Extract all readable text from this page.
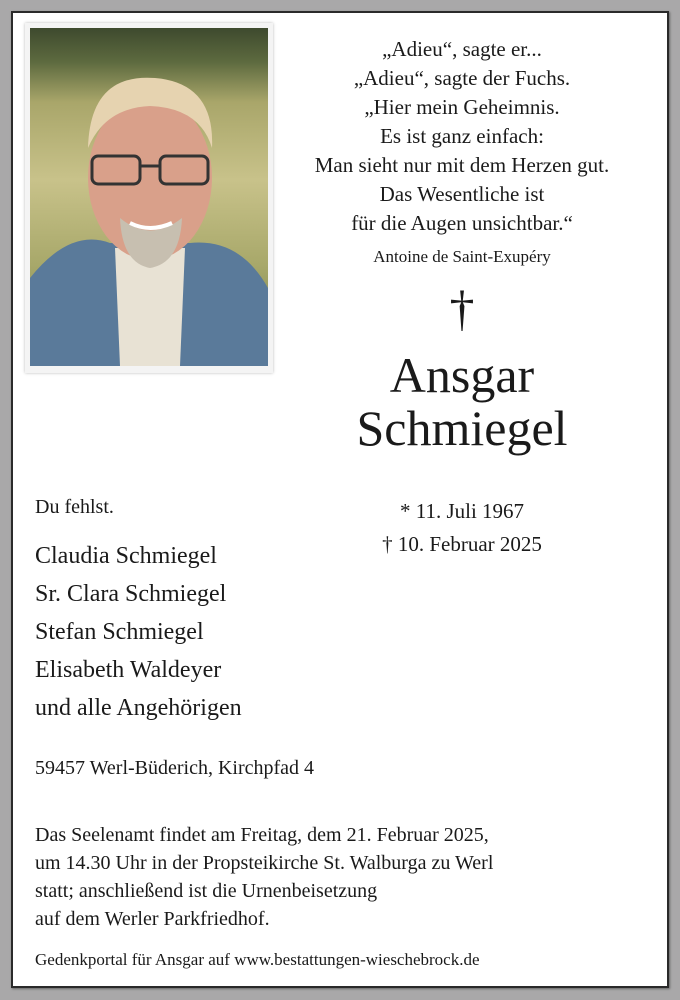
„Adieu“, sagte er...
„Adieu“, sagte der Fuchs.
„Hier mein Geheimnis.
Es ist ganz einfach:
Man sieht nur mit dem Herzen gut.
Das Wesentliche ist
für die Augen unsichtbar.“
Antoine de Saint-Exupéry
†
Ansgar
Schmiegel
* 11. Juli 1967
† 10. Februar 2025
Du fehlst.
Claudia Schmiegel
Sr. Clara Schmiegel
Stefan Schmiegel
Elisabeth Waldeyer
und alle Angehörigen
59457 Werl-Büderich, Kirchpfad 4
Das Seelenamt findet am Freitag, dem 21. Februar 2025,
um 14.30 Uhr in der Propsteikirche St. Walburga zu Werl
statt; anschließend ist die Urnenbeisetzung
auf dem Werler Parkfriedhof.
Gedenkportal für Ansgar auf www.bestattungen-wieschebrock.de
